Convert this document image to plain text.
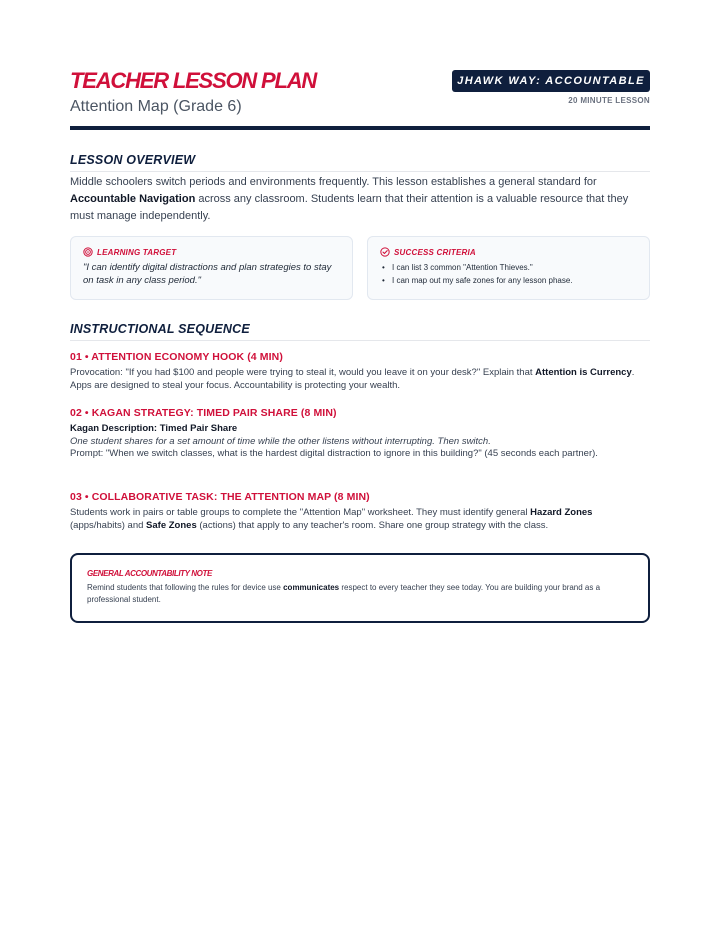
TEACHER LESSON PLAN
Attention Map (Grade 6)
JHAWK WAY: ACCOUNTABLE
20 MINUTE LESSON
LESSON OVERVIEW
Middle schoolers switch periods and environments frequently. This lesson establishes a general standard for Accountable Navigation across any classroom. Students learn that their attention is a valuable resource that they must manage independently.
LEARNING TARGET
"I can identify digital distractions and plan strategies to stay on task in any class period."
SUCCESS CRITERIA
• I can list 3 common "Attention Thieves."
• I can map out my safe zones for any lesson phase.
INSTRUCTIONAL SEQUENCE
01 • ATTENTION ECONOMY HOOK (4 MIN)
Provocation: "If you had $100 and people were trying to steal it, would you leave it on your desk?" Explain that Attention is Currency. Apps are designed to steal your focus. Accountability is protecting your wealth.
02 • KAGAN STRATEGY: TIMED PAIR SHARE (8 MIN)
Kagan Description: Timed Pair Share
One student shares for a set amount of time while the other listens without interrupting. Then switch.
Prompt: "When we switch classes, what is the hardest digital distraction to ignore in this building?" (45 seconds each partner).
03 • COLLABORATIVE TASK: THE ATTENTION MAP (8 MIN)
Students work in pairs or table groups to complete the "Attention Map" worksheet. They must identify general Hazard Zones (apps/habits) and Safe Zones (actions) that apply to any teacher's room. Share one group strategy with the class.
GENERAL ACCOUNTABILITY NOTE
Remind students that following the rules for device use communicates respect to every teacher they see today. You are building your brand as a professional student.
